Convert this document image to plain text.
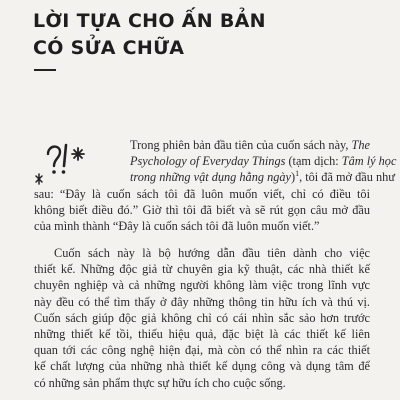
LỜI TỰA CHO ẤN BẢN
CÓ SỬA CHỮA
Trong phiên bản đầu tiên của cuốn sách này, The
Psychology of Everyday Things (tạm dịch: Tâm lý học
trong những vật dụng hằng ngày)$^1$, tôi đã mở đầu như
sau: “Đây là cuốn sách tôi đã luôn muốn viết, chỉ có điều tôi
không biết điều đó.” Giờ thì tôi đã biết và sẽ rút gọn câu mở đầu
của mình thành “Đây là cuốn sách tôi đã luôn muốn viết.”
Cuốn sách này là bộ hướng dẫn đầu tiên dành cho việc
thiết kế. Những độc giả từ chuyên gia kỹ thuật, các nhà thiết kế
chuyên nghiệp và cả những người không làm việc trong lĩnh vực
này đều có thể tìm thấy ở đây những thông tin hữu ích và thú vị.
Cuốn sách giúp độc giả không chỉ có cái nhìn sắc sảo hơn trước
những thiết kế tồi, thiếu hiệu quả, đặc biệt là các thiết kế liên
quan tới các công nghệ hiện đại, mà còn có thể nhìn ra các thiết
kế chất lượng của những nhà thiết kế dụng công và dụng tâm để
có những sản phẩm thực sự hữu ích cho cuộc sống.
